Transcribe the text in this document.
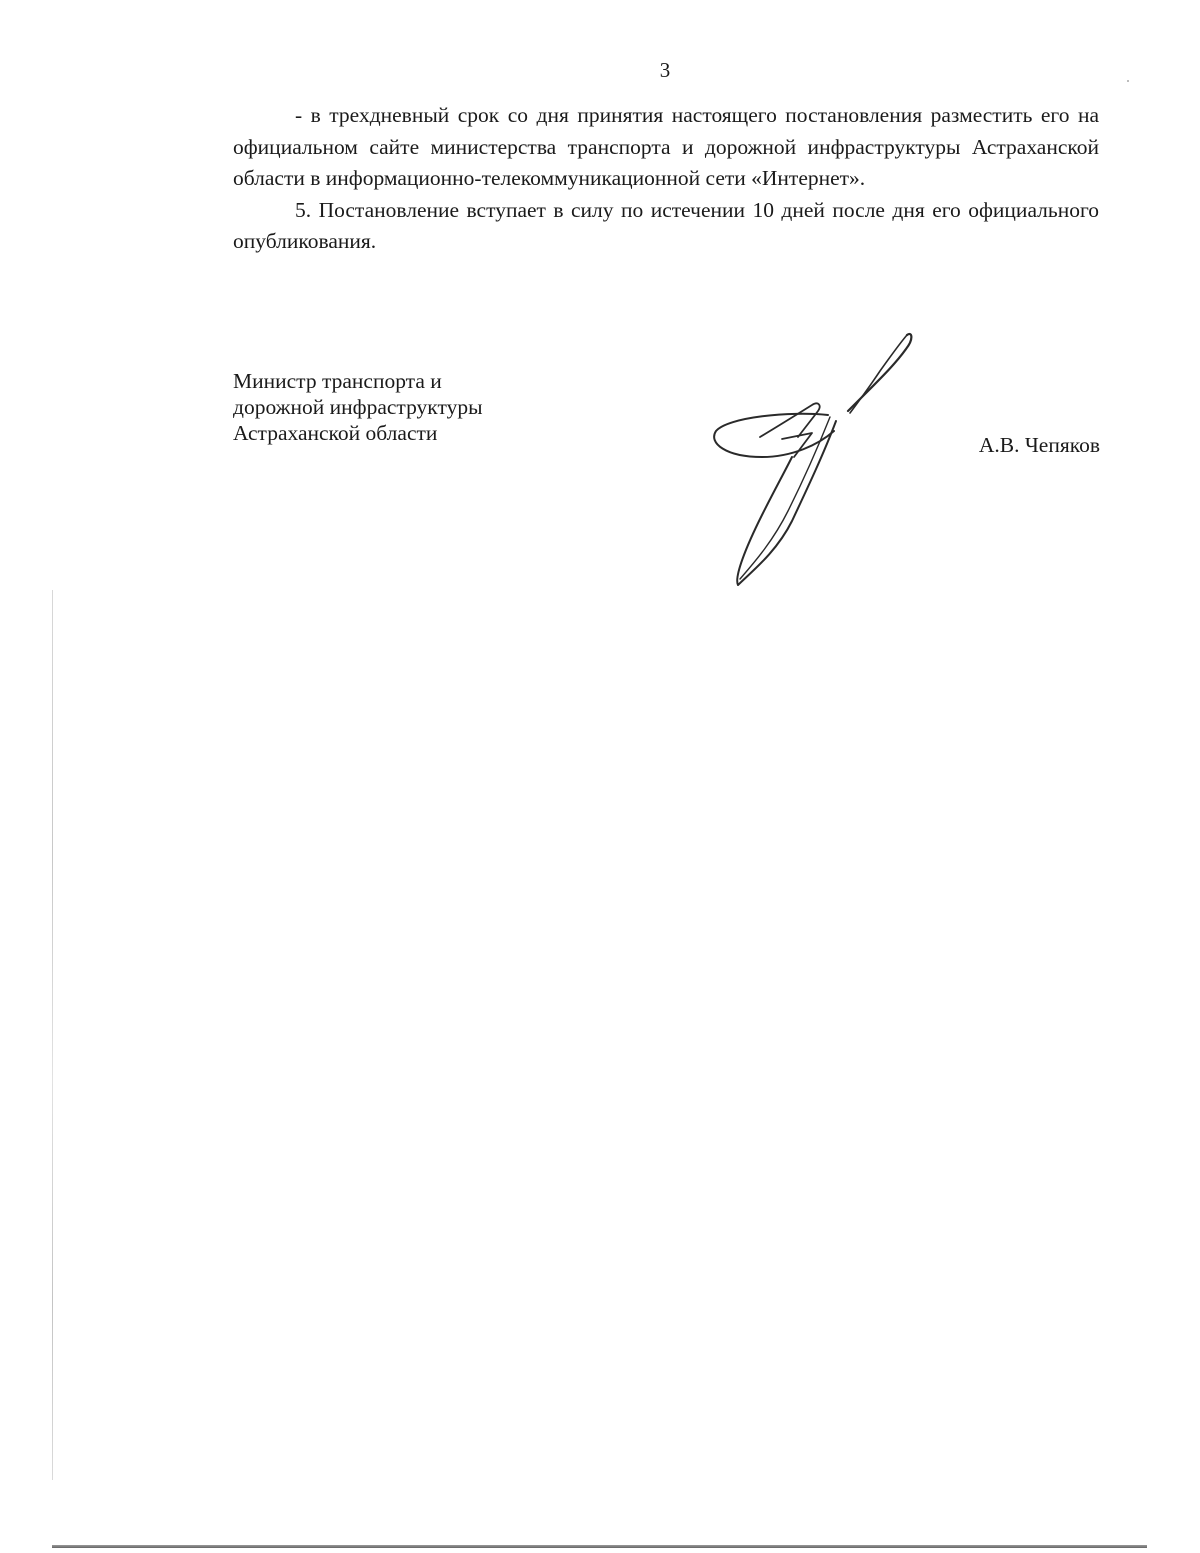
3

- в трехдневный срок со дня принятия настоящего постановления разместить его на официальном сайте министерства транспорта и дорожной инфраструктуры Астраханской области в информационно-телекоммуникационной сети «Интернет».

5. Постановление вступает в силу по истечении 10 дней после дня его официального опубликования.

Министр транспорта и
дорожной инфраструктуры
Астраханской области	А.В. Чепяков
